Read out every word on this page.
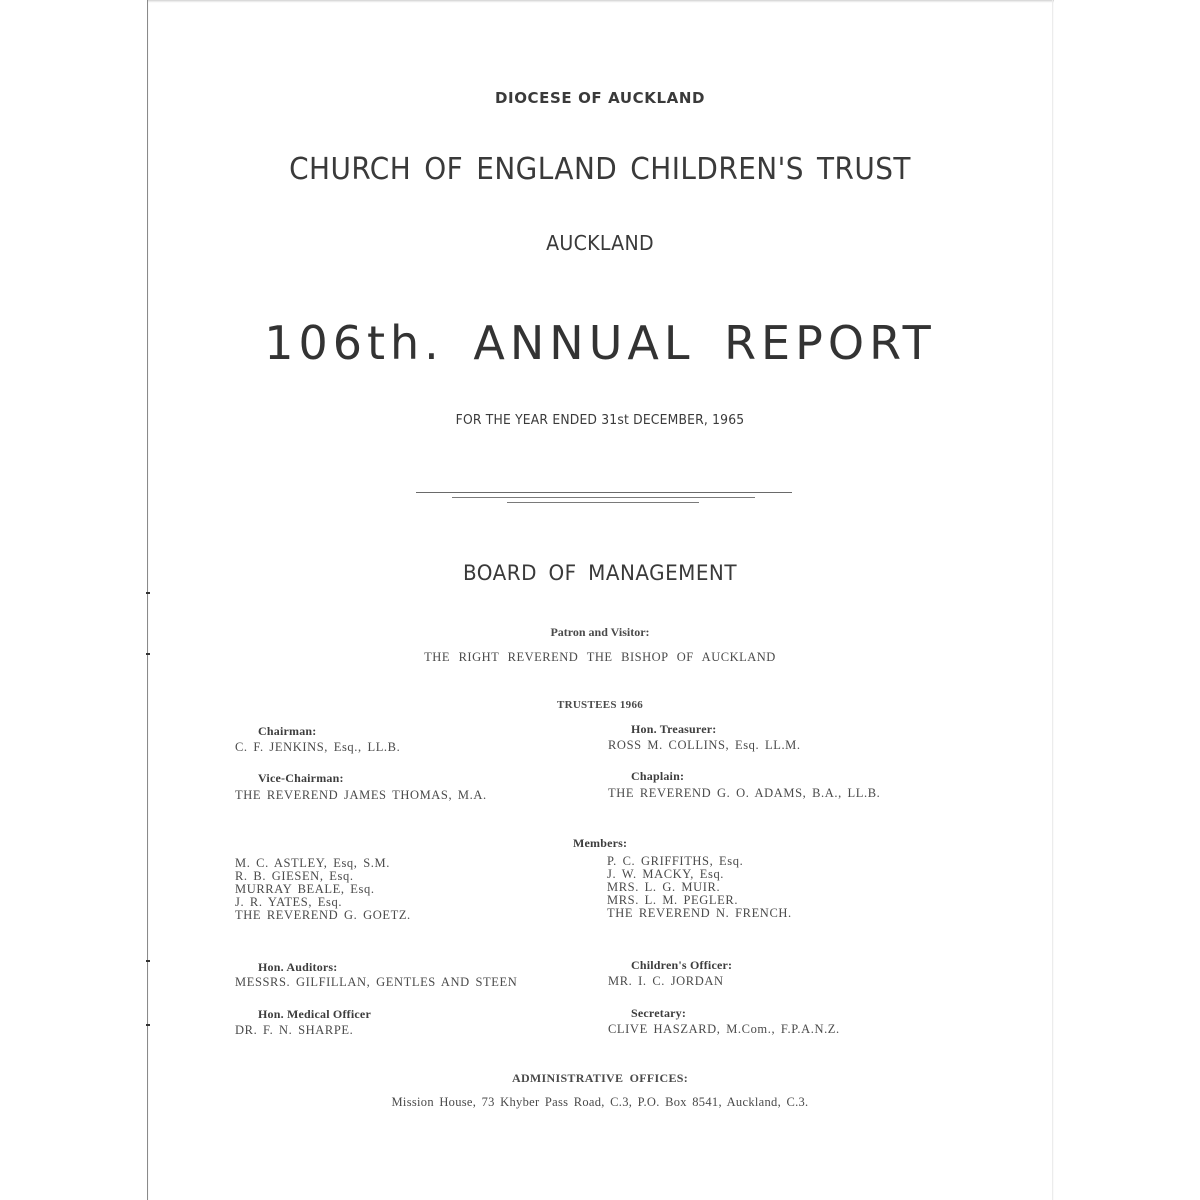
DIOCESE OF AUCKLAND
CHURCH OF ENGLAND CHILDREN'S TRUST
AUCKLAND
106th. ANNUAL REPORT
FOR THE YEAR ENDED 31st DECEMBER, 1965
BOARD OF MANAGEMENT
Patron and Visitor:
THE RIGHT REVEREND THE BISHOP OF AUCKLAND
TRUSTEES 1966
Chairman:
C. F. JENKINS, Esq., LL.B.
Vice-Chairman:
THE REVEREND JAMES THOMAS, M.A.
Hon. Treasurer:
ROSS M. COLLINS, Esq. LL.M.
Chaplain:
THE REVEREND G. O. ADAMS, B.A., LL.B.
Members:
M. C. ASTLEY, Esq, S.M.
R. B. GIESEN, Esq.
MURRAY BEALE, Esq.
J. R. YATES, Esq.
THE REVEREND G. GOETZ.
P. C. GRIFFITHS, Esq.
J. W. MACKY, Esq.
MRS. L. G. MUIR.
MRS. L. M. PEGLER.
THE REVEREND N. FRENCH.
Hon. Auditors:
MESSRS. GILFILLAN, GENTLES AND STEEN
Hon. Medical Officer
DR. F. N. SHARPE.
Children's Officer:
MR. I. C. JORDAN
Secretary:
CLIVE HASZARD, M.Com., F.P.A.N.Z.
ADMINISTRATIVE OFFICES:
Mission House, 73 Khyber Pass Road, C.3, P.O. Box 8541, Auckland, C.3.
